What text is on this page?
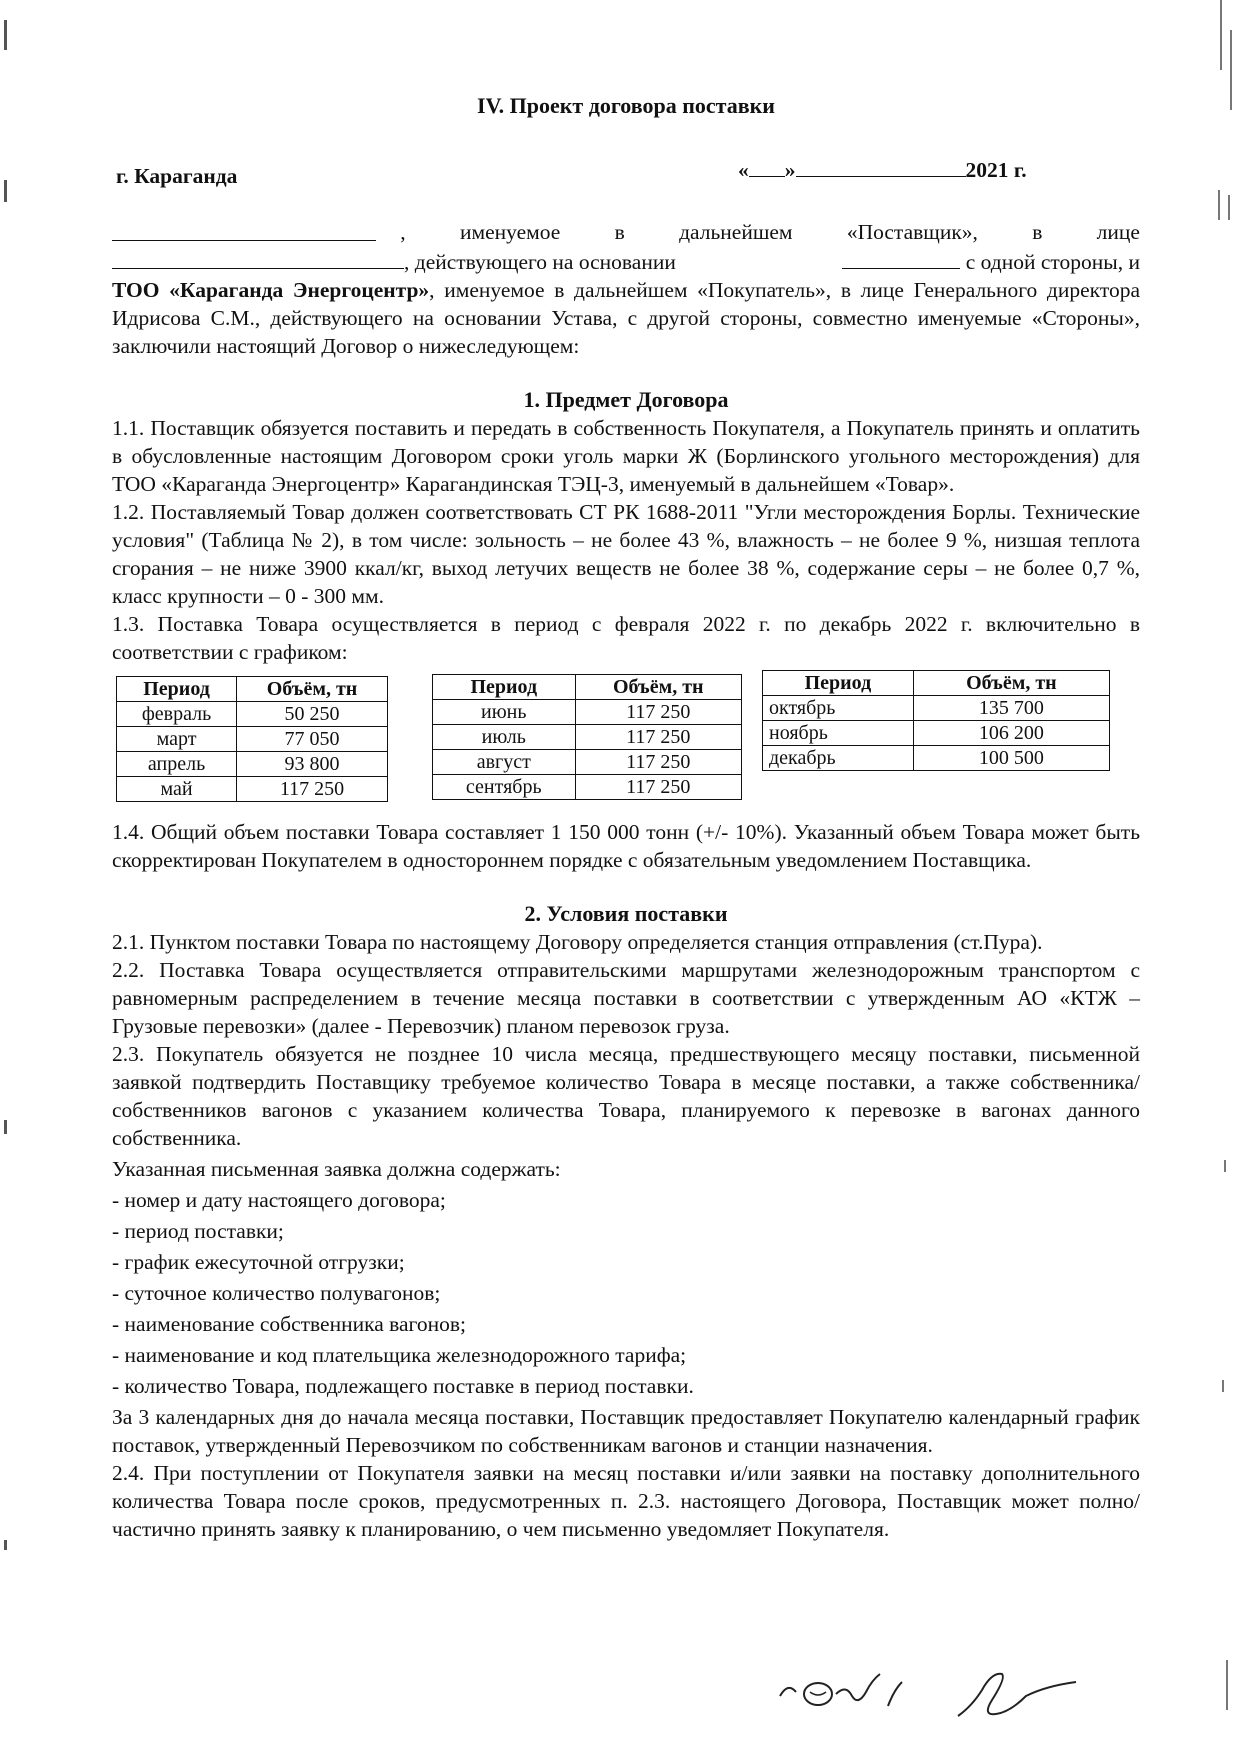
IV. Проект договора поставки
г. Караганда	« »	2021 г.
,	именуемое	в	дальнейшем	«Поставщик»,	в	лице
, действующего на основании	с одной стороны, и

ТОО «Караганда Энергоцентр», именуемое в дальнейшем «Покупатель», в лице Генерального директора Идрисова С.М., действующего на основании Устава, с другой стороны, совместно именуемые «Стороны», заключили настоящий Договор о нижеследующем:

1. Предмет Договора

1.1. Поставщик обязуется поставить и передать в собственность Покупателя, а Покупатель принять и оплатить в обусловленные настоящим Договором сроки уголь марки Ж (Борлинского угольного месторождения) для ТОО «Караганда Энергоцентр» Карагандинская ТЭЦ-3, именуемый в дальнейшем «Товар».

1.2. Поставляемый Товар должен соответствовать СТ РК 1688-2011 "Угли месторождения Борлы. Технические условия" (Таблица № 2), в том числе: зольность – не более 43 %, влажность – не более 9 %, низшая теплота сгорания – не ниже 3900 ккал/кг, выход летучих веществ не более 38 %, содержание серы – не более 0,7 %, класс крупности – 0 - 300 мм.

1.3. Поставка Товара осуществляется в период с февраля 2022 г. по декабрь 2022 г. включительно в соответствии с графиком:

Период	Объём, тн
февраль	50 250
март	77 050
апрель	93 800
май	117 250
Период	Объём, тн
июнь	117 250
июль	117 250
август	117 250
сентябрь	117 250
Период	Объём, тн
октябрь	135 700
ноябрь	106 200
декабрь	100 500

1.4. Общий объем поставки Товара составляет 1 150 000 тонн (+/- 10%). Указанный объем Товара может быть скорректирован Покупателем в одностороннем порядке с обязательным уведомлением Поставщика.

2. Условия поставки

2.1. Пунктом поставки Товара по настоящему Договору определяется станция отправления (ст.Пура).

2.2. Поставка Товара осуществляется отправительскими маршрутами железнодорожным транспортом с равномерным распределением в течение месяца поставки в соответствии с утвержденным АО «КТЖ – Грузовые перевозки» (далее - Перевозчик) планом перевозок груза.

2.3. Покупатель обязуется не позднее 10 числа месяца, предшествующего месяцу поставки, письменной заявкой подтвердить Поставщику требуемое количество Товара в месяце поставки, а также собственника/собственников вагонов с указанием количества Товара, планируемого к перевозке в вагонах данного собственника.

Указанная письменная заявка должна содержать:

- номер и дату настоящего договора;

- период поставки;

- график ежесуточной отгрузки;

- суточное количество полувагонов;

- наименование собственника вагонов;

- наименование и код плательщика железнодорожного тарифа;

- количество Товара, подлежащего поставке в период поставки.

За 3 календарных дня до начала месяца поставки, Поставщик предоставляет Покупателю календарный график поставок, утвержденный Перевозчиком по собственникам вагонов и станции назначения.

2.4. При поступлении от Покупателя заявки на месяц поставки и/или заявки на поставку дополнительного количества Товара после сроков, предусмотренных п. 2.3. настоящего Договора, Поставщик может полно/частично принять заявку к планированию, о чем письменно уведомляет Покупателя.
